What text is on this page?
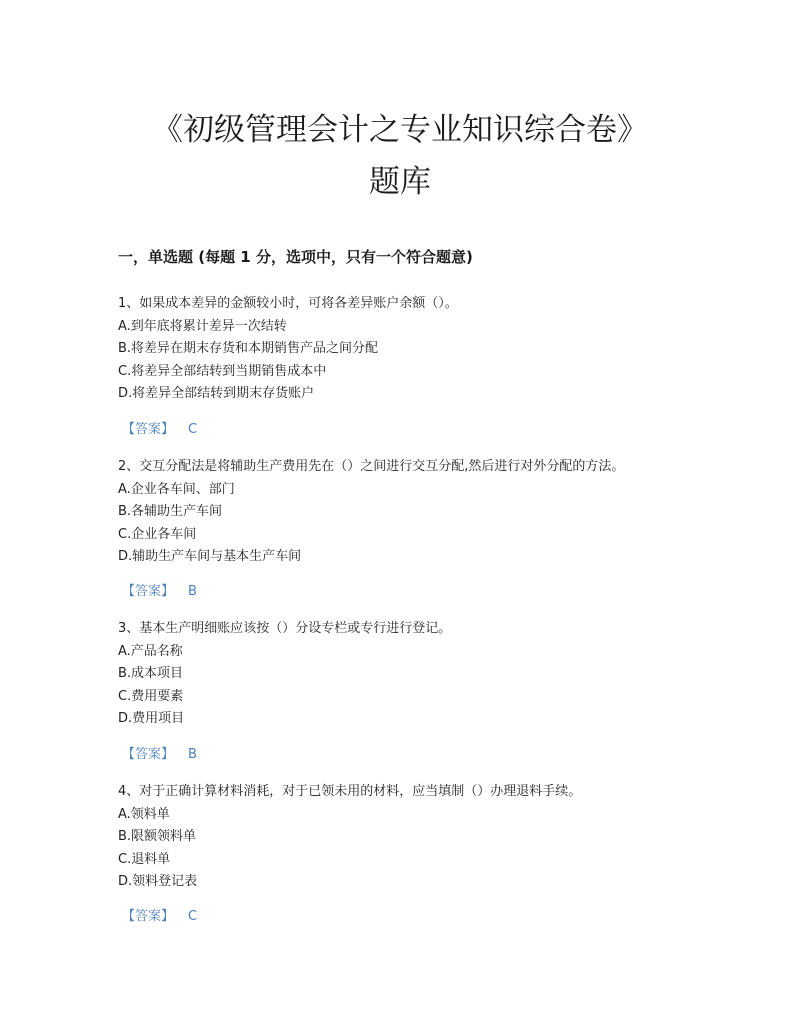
《初级管理会计之专业知识综合卷》
题库
一，单选题 (每题 1 分，选项中，只有一个符合题意)
1、如果成本差异的金额较小时，可将各差异账户余额（）。
A.到年底将累计差异一次结转
B.将差异在期末存货和本期销售产品之间分配
C.将差异全部结转到当期销售成本中
D.将差异全部结转到期末存货账户
【答案】 C
2、交互分配法是将辅助生产费用先在（）之间进行交互分配,然后进行对外分配的方法。
A.企业各车间、部门
B.各辅助生产车间
C.企业各车间
D.辅助生产车间与基本生产车间
【答案】 B
3、基本生产明细账应该按（）分设专栏或专行进行登记。
A.产品名称
B.成本项目
C.费用要素
D.费用项目
【答案】 B
4、对于正确计算材料消耗，对于已领未用的材料，应当填制（）办理退料手续。
A.领料单
B.限额领料单
C.退料单
D.领料登记表
【答案】 C
